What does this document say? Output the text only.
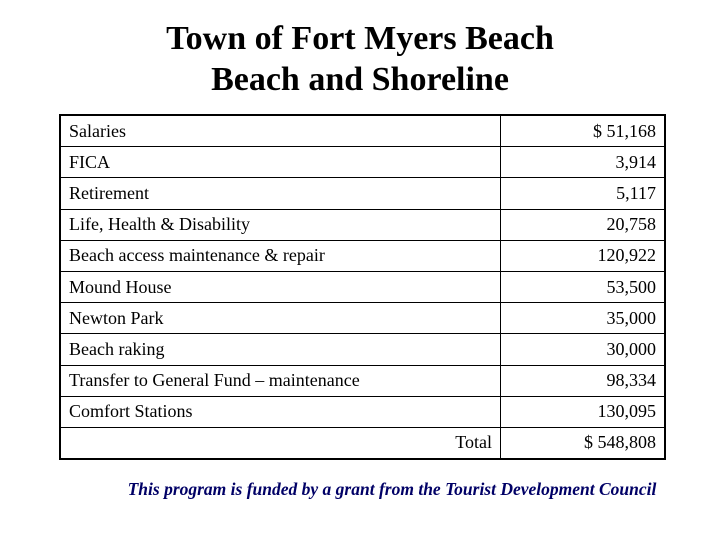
Town of Fort Myers Beach
Beach and Shoreline
Salaries	$ 51,168
FICA	3,914
Retirement	5,117
Life, Health & Disability	20,758
Beach access maintenance & repair	120,922
Mound House	53,500
Newton Park	35,000
Beach raking	30,000
Transfer to General Fund – maintenance	98,334
Comfort Stations	130,095
Total	$ 548,808
This program is funded by a grant from the Tourist Development Council
